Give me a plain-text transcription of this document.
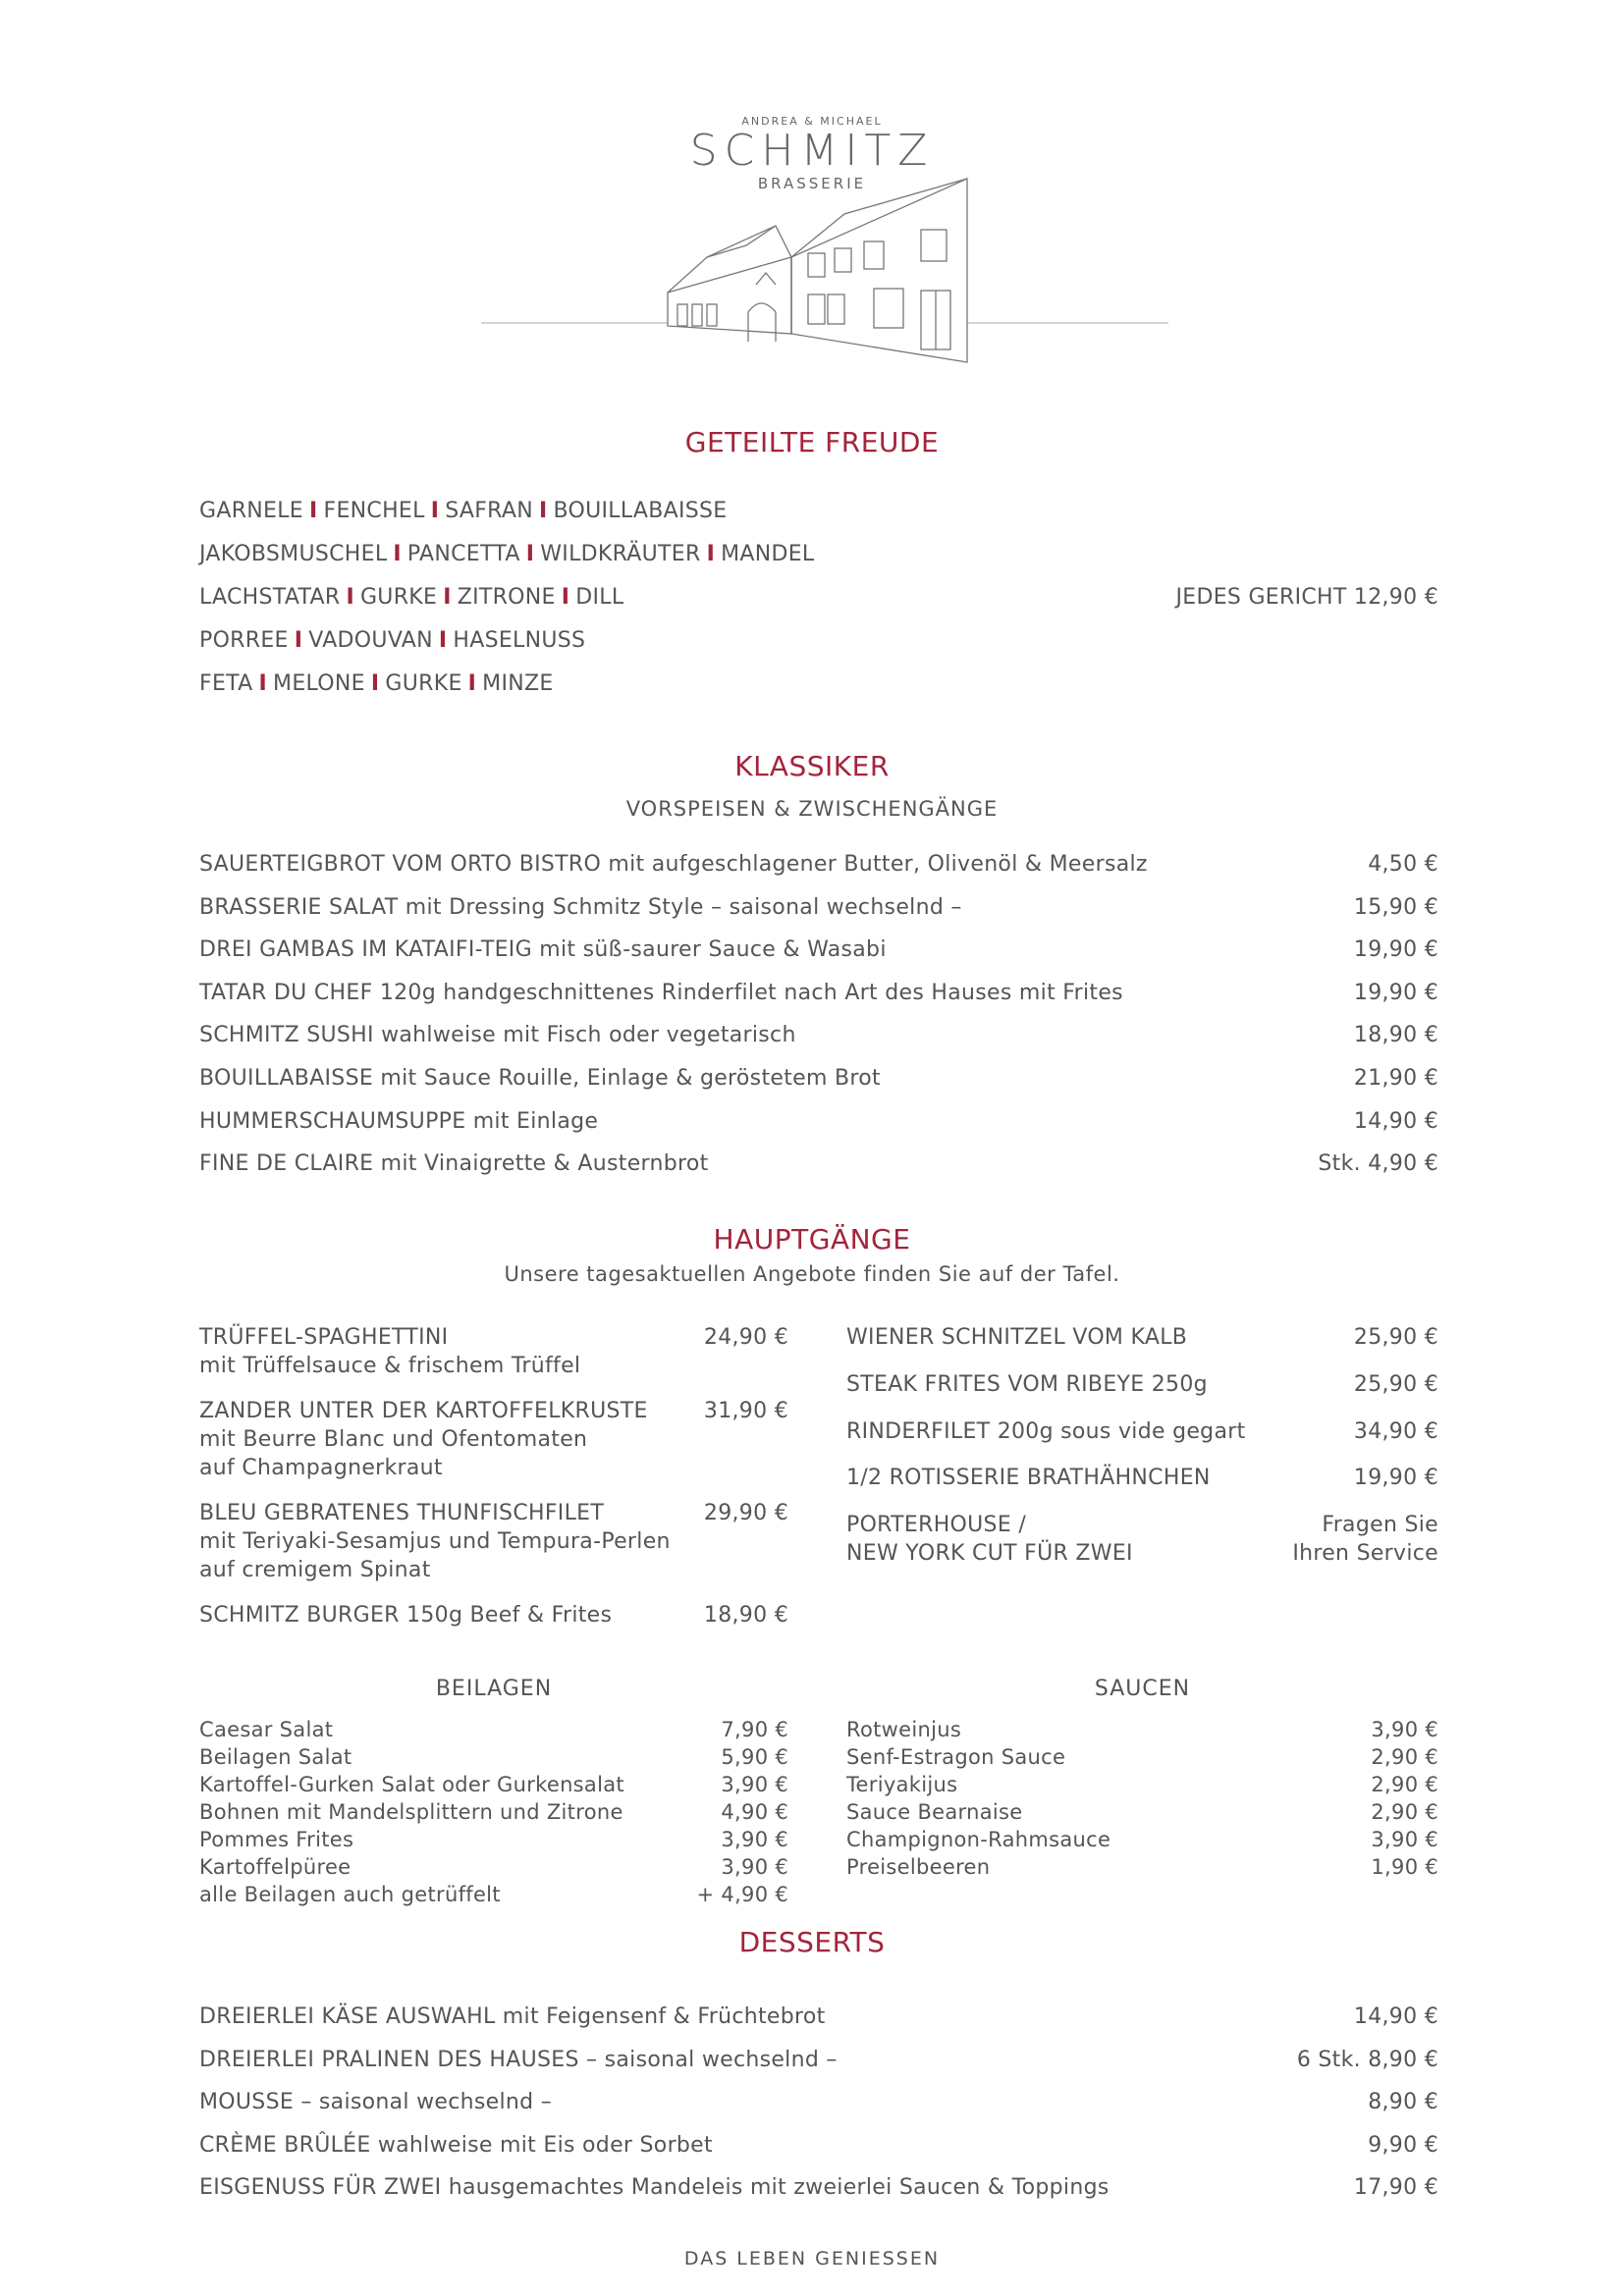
ANDREA & MICHAEL
SCHMITZ
BRASSERIE
GETEILTE FREUDE
GARNELE I FENCHEL I SAFRAN I BOUILLABAISSE
JAKOBSMUSCHEL I PANCETTA I WILDKRÄUTER I MANDEL
LACHSTATAR I GURKE I ZITRONE I DILL
PORREE I VADOUVAN I HASELNUSS
FETA I MELONE I GURKE I MINZE
JEDES GERICHT 12,90 €
KLASSIKER
VORSPEISEN & ZWISCHENGÄNGE
SAUERTEIGBROT VOM ORTO BISTRO mit aufgeschlagener Butter, Olivenöl & Meersalz	4,50 €
BRASSERIE SALAT mit Dressing Schmitz Style – saisonal wechselnd –	15,90 €
DREI GAMBAS IM KATAIFI-TEIG mit süß-saurer Sauce & Wasabi	19,90 €
TATAR DU CHEF 120g handgeschnittenes Rinderfilet nach Art des Hauses mit Frites	19,90 €
SCHMITZ SUSHI wahlweise mit Fisch oder vegetarisch	18,90 €
BOUILLABAISSE mit Sauce Rouille, Einlage & geröstetem Brot	21,90 €
HUMMERSCHAUMSUPPE mit Einlage	14,90 €
FINE DE CLAIRE mit Vinaigrette & Austernbrot	Stk. 4,90 €
HAUPTGÄNGE
Unsere tagesaktuellen Angebote finden Sie auf der Tafel.
TRÜFFEL-SPAGHETTINI
mit Trüffelsauce & frischem Trüffel
24,90 €
ZANDER UNTER DER KARTOFFELKRUSTE
mit Beurre Blanc und Ofentomaten
auf Champagnerkraut
31,90 €
BLEU GEBRATENES THUNFISCHFILET
mit Teriyaki-Sesamjus und Tempura-Perlen
auf cremigem Spinat
29,90 €
SCHMITZ BURGER 150g Beef & Frites	18,90 €
WIENER SCHNITZEL VOM KALB	25,90 €
STEAK FRITES VOM RIBEYE 250g	25,90 €
RINDERFILET 200g sous vide gegart	34,90 €
1/2 ROTISSERIE BRATHÄHNCHEN	19,90 €
PORTERHOUSE /
NEW YORK CUT FÜR ZWEI
Fragen Sie
Ihren Service
BEILAGEN	SAUCEN
Caesar Salat	7,90 €
Beilagen Salat	5,90 €
Kartoffel-Gurken Salat oder Gurkensalat	3,90 €
Bohnen mit Mandelsplittern und Zitrone	4,90 €
Pommes Frites	3,90 €
Kartoffelpüree	3,90 €
alle Beilagen auch getrüffelt	+ 4,90 €
Rotweinjus	3,90 €
Senf-Estragon Sauce	2,90 €
Teriyakijus	2,90 €
Sauce Bearnaise	2,90 €
Champignon-Rahmsauce	3,90 €
Preiselbeeren	1,90 €
DESSERTS
DREIERLEI KÄSE AUSWAHL mit Feigensenf & Früchtebrot	14,90 €
DREIERLEI PRALINEN DES HAUSES – saisonal wechselnd –	6 Stk. 8,90 €
MOUSSE – saisonal wechselnd –	8,90 €
CRÈME BRÛLÉE wahlweise mit Eis oder Sorbet	9,90 €
EISGENUSS FÜR ZWEI hausgemachtes Mandeleis mit zweierlei Saucen & Toppings	17,90 €
DAS LEBEN GENIESSEN
